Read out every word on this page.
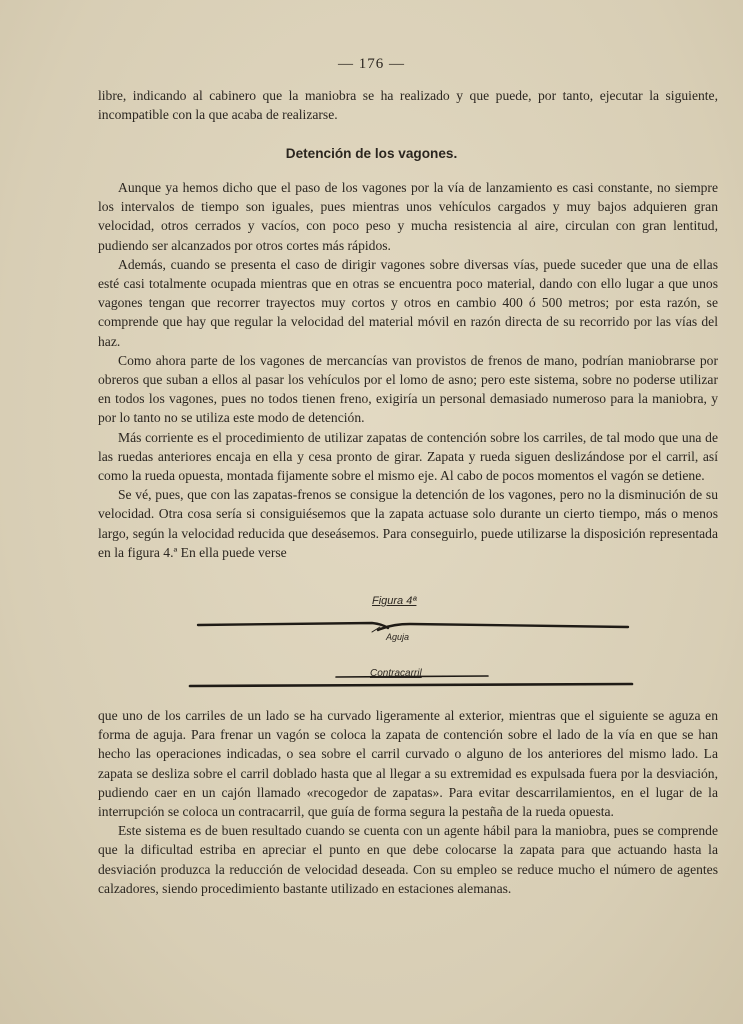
— 176 —

libre, indicando al cabinero que la maniobra se ha realizado y que puede, por tanto, ejecutar la siguiente, incompatible con la que acaba de realizarse.

Detención de los vagones.

Aunque ya hemos dicho que el paso de los vagones por la vía de lanzamiento es casi constante, no siempre los intervalos de tiempo son iguales, pues mientras unos vehículos cargados y muy bajos adquieren gran velocidad, otros cerrados y vacíos, con poco peso y mucha resistencia al aire, circulan con gran lentitud, pudiendo ser alcanzados por otros cortes más rápidos.

Además, cuando se presenta el caso de dirigir vagones sobre diversas vías, puede suceder que una de ellas esté casi totalmente ocupada mientras que en otras se encuentra poco material, dando con ello lugar a que unos vagones tengan que recorrer trayectos muy cortos y otros en cambio 400 ó 500 metros; por esta razón, se comprende que hay que regular la velocidad del material móvil en razón directa de su recorrido por las vías del haz.

Como ahora parte de los vagones de mercancías van provistos de frenos de mano, podrían maniobrarse por obreros que suban a ellos al pasar los vehículos por el lomo de asno; pero este sistema, sobre no poderse utilizar en todos los vagones, pues no todos tienen freno, exigiría un personal demasiado numeroso para la maniobra, y por lo tanto no se utiliza este modo de detención.

Más corriente es el procedimiento de utilizar zapatas de contención sobre los carriles, de tal modo que una de las ruedas anteriores encaja en ella y cesa pronto de girar. Zapata y rueda siguen deslizándose por el carril, así como la rueda opuesta, montada fijamente sobre el mismo eje. Al cabo de pocos momentos el vagón se detiene.

Se vé, pues, que con las zapatas-frenos se consigue la detención de los vagones, pero no la disminución de su velocidad. Otra cosa sería si consiguiésemos que la zapata actuase solo durante un cierto tiempo, más o menos largo, según la velocidad reducida que deseásemos. Para conseguirlo, puede utilizarse la disposición representada en la figura 4.ª En ella puede verse

Figura 4ª
Aguja
Contracarril

que uno de los carriles de un lado se ha curvado ligeramente al exterior, mientras que el siguiente se aguza en forma de aguja. Para frenar un vagón se coloca la zapata de contención sobre el lado de la vía en que se han hecho las operaciones indicadas, o sea sobre el carril curvado o alguno de los anteriores del mismo lado. La zapata se desliza sobre el carril doblado hasta que al llegar a su extremidad es expulsada fuera por la desviación, pudiendo caer en un cajón llamado «recogedor de zapatas». Para evitar descarrilamientos, en el lugar de la interrupción se coloca un contracarril, que guía de forma segura la pestaña de la rueda opuesta.

Este sistema es de buen resultado cuando se cuenta con un agente hábil para la maniobra, pues se comprende que la dificultad estriba en apreciar el punto en que debe colocarse la zapata para que actuando hasta la desviación produzca la reducción de velocidad deseada. Con su empleo se reduce mucho el número de agentes calzadores, siendo procedimiento bastante utilizado en estaciones alemanas.
